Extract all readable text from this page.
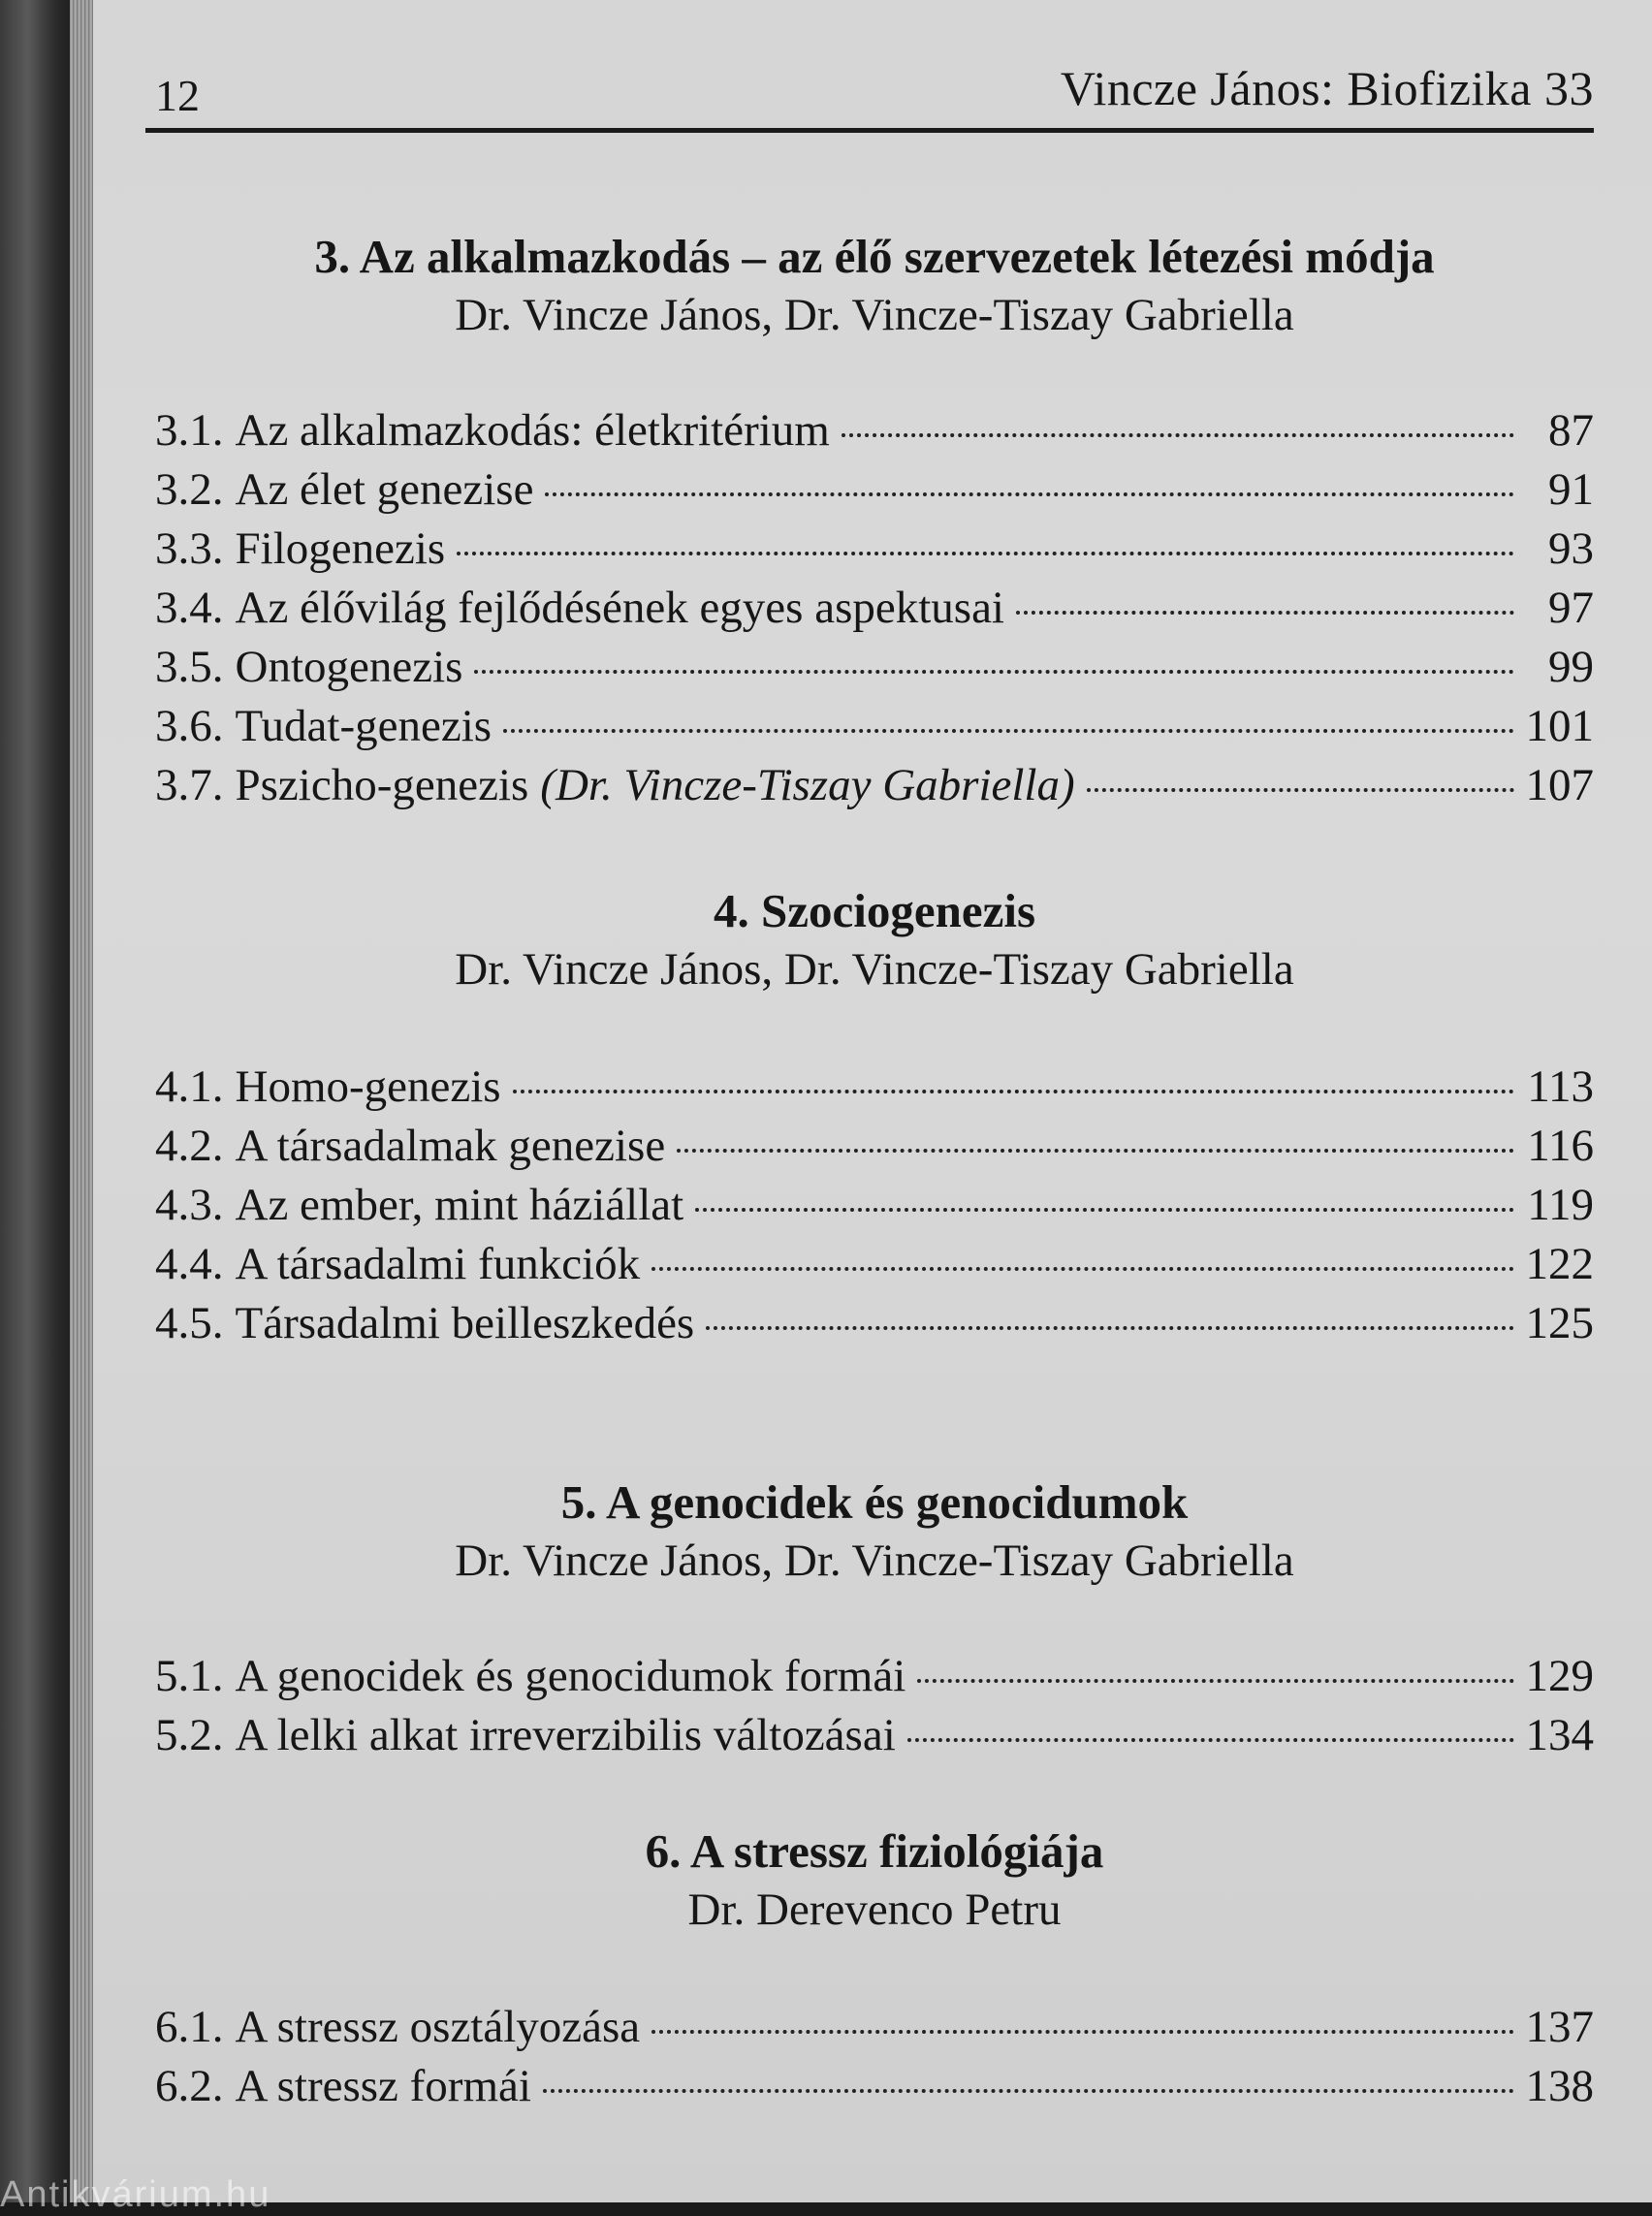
12	Vincze János: Biofizika 33
3. Az alkalmazkodás – az élő szervezetek létezési módja
Dr. Vincze János, Dr. Vincze-Tiszay Gabriella
3.1. Az alkalmazkodás: életkritérium	87
3.2. Az élet genezise	91
3.3. Filogenezis	93
3.4. Az élővilág fejlődésének egyes aspektusai	97
3.5. Ontogenezis	99
3.6. Tudat-genezis	101
3.7. Pszicho-genezis (Dr. Vincze-Tiszay Gabriella)	107
4. Szociogenezis
Dr. Vincze János, Dr. Vincze-Tiszay Gabriella
4.1. Homo-genezis	113
4.2. A társadalmak genezise	116
4.3. Az ember, mint háziállat	119
4.4. A társadalmi funkciók	122
4.5. Társadalmi beilleszkedés	125
5. A genocidek és genocidumok
Dr. Vincze János, Dr. Vincze-Tiszay Gabriella
5.1. A genocidek és genocidumok formái	129
5.2. A lelki alkat irreverzibilis változásai	134
6. A stressz fiziológiája
Dr. Derevenco Petru
6.1. A stressz osztályozása	137
6.2. A stressz formái	138
Antikvárium.hu
